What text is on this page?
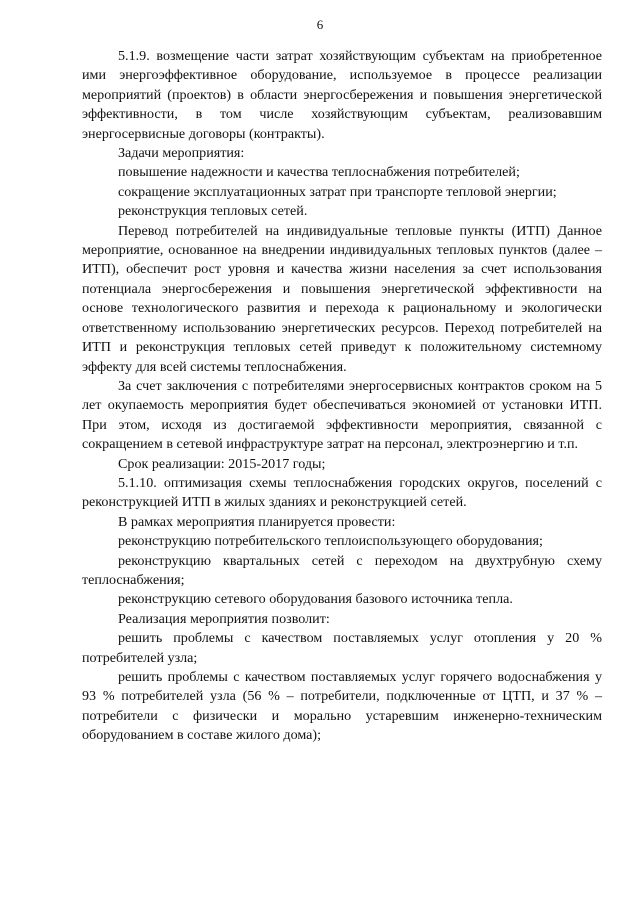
6

5.1.9. возмещение части затрат хозяйствующим субъектам на приобретенное ими энергоэффективное оборудование, используемое в процессе реализации мероприятий (проектов) в области энергосбережения и повышения энергетической эффективности, в том числе хозяйствующим субъектам, реализовавшим энергосервисные договоры (контракты).

Задачи мероприятия:

повышение надежности и качества теплоснабжения потребителей;

сокращение эксплуатационных затрат при транспорте тепловой энергии;

реконструкция тепловых сетей.

Перевод потребителей на индивидуальные тепловые пункты (ИТП) Данное мероприятие, основанное на внедрении индивидуальных тепловых пунктов (далее – ИТП), обеспечит рост уровня и качества жизни населения за счет использования потенциала энергосбережения и повышения энергетической эффективности на основе технологического развития и перехода к рациональному и экологически ответственному использованию энергетических ресурсов. Переход потребителей на ИТП и реконструкция тепловых сетей приведут к положительному системному эффекту для всей системы теплоснабжения.

За счет заключения с потребителями энергосервисных контрактов сроком на 5 лет окупаемость мероприятия будет обеспечиваться экономией от установки ИТП. При этом, исходя из достигаемой эффективности мероприятия, связанной с сокращением в сетевой инфраструктуре затрат на персонал, электроэнергию и т.п.

Срок реализации: 2015-2017 годы;

5.1.10. оптимизация схемы теплоснабжения городских округов, поселений с реконструкцией ИТП в жилых зданиях и реконструкцией сетей.

В рамках мероприятия планируется провести:

реконструкцию потребительского теплоиспользующего оборудования;

реконструкцию квартальных сетей с переходом на двухтрубную схему теплоснабжения;

реконструкцию сетевого оборудования базового источника тепла.

Реализация мероприятия позволит:

решить проблемы с качеством поставляемых услуг отопления у 20 % потребителей узла;

решить проблемы с качеством поставляемых услуг горячего водоснабжения у 93 % потребителей узла (56 % – потребители, подключенные от ЦТП, и 37 % – потребители с физически и морально устаревшим инженерно-техническим оборудованием в составе жилого дома);
